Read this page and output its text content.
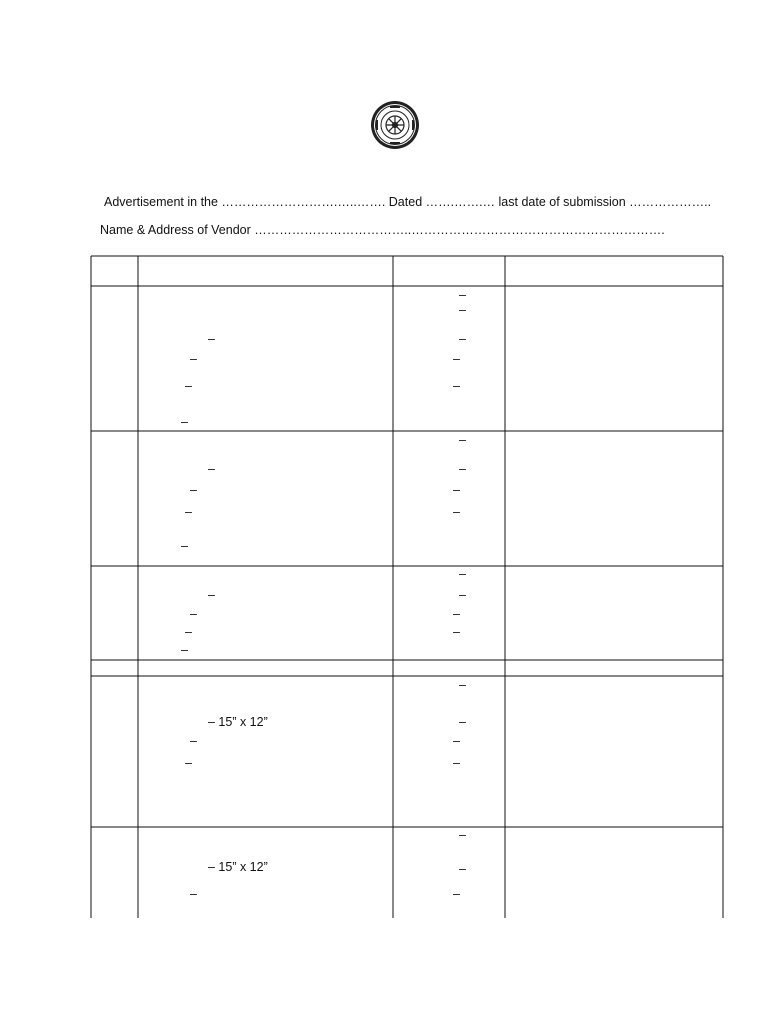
Advertisement in the ……………………….…..……. Dated …….…….… last date of submission ………………..
Name & Address of Vendor ………………………………..…………………………………………………….
–
–
–
–
–
–
–
–
–
–
–
–
–
–
–
–
–
–
–
–
–
–
–
–
–
– 15” x 12”
–
–
–
–
–
–
– 15” x 12”
–
–
–
–
